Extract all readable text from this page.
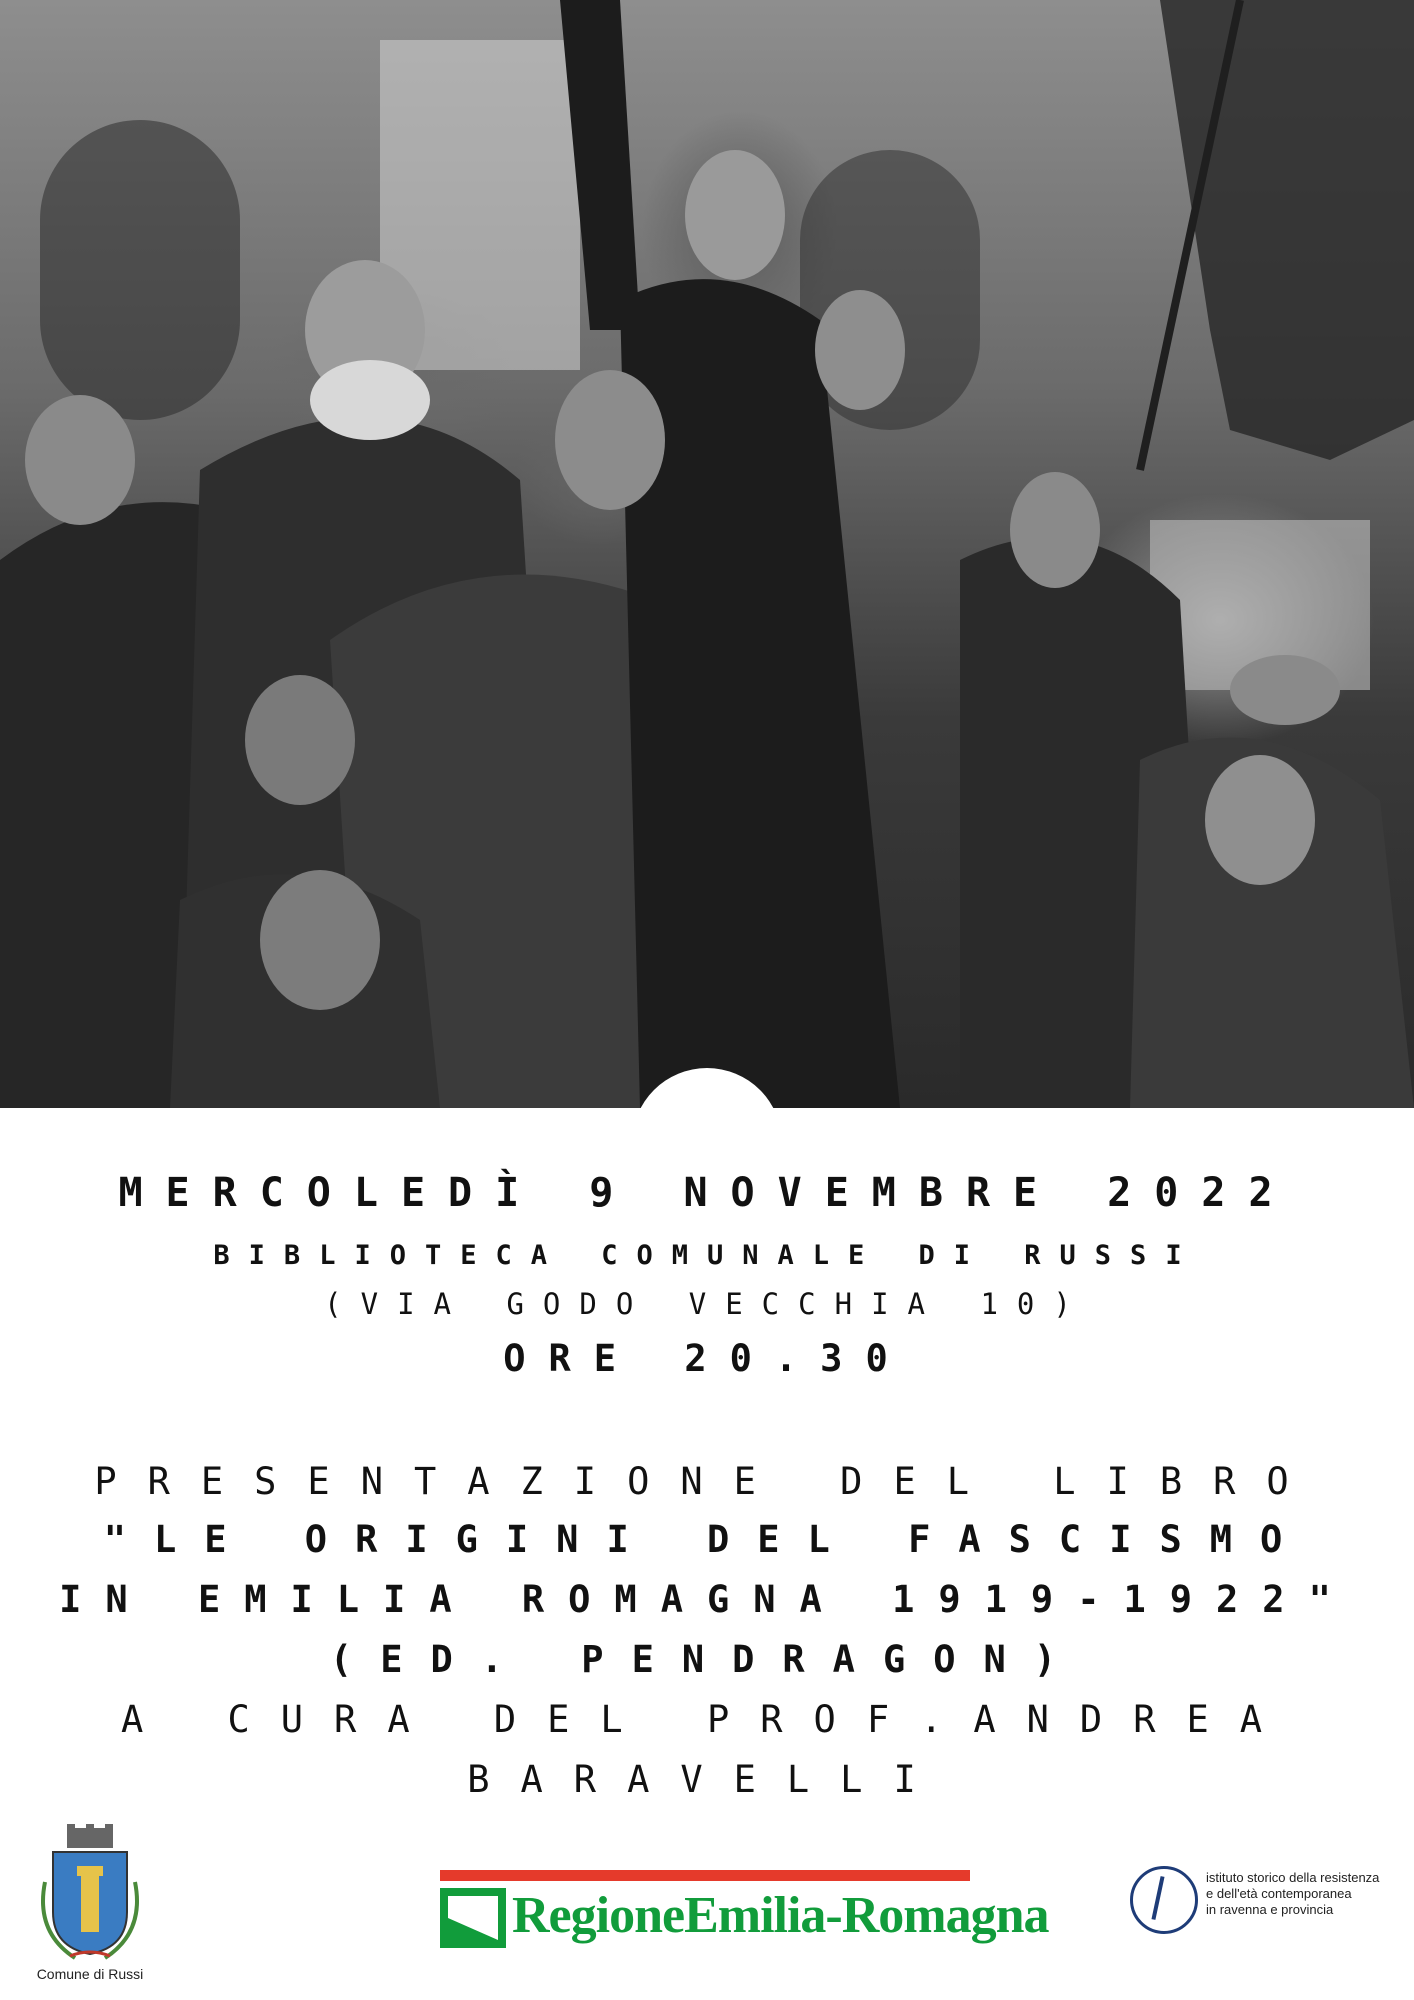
MERCOLEDÌ 9 NOVEMBRE 2022
BIBLIOTECA COMUNALE DI RUSSI
(VIA GODO VECCHIA 10)
ORE 20.30
PRESENTAZIONE DEL LIBRO
"LE ORIGINI DEL FASCISMO
IN EMILIA ROMAGNA 1919-1922"
(ED. PENDRAGON)
A CURA DEL PROF.ANDREA
BARAVELLI
Comune di Russi
RegioneEmilia-Romagna
istituto storico della resistenza
e dell'età contemporanea
in ravenna e provincia
